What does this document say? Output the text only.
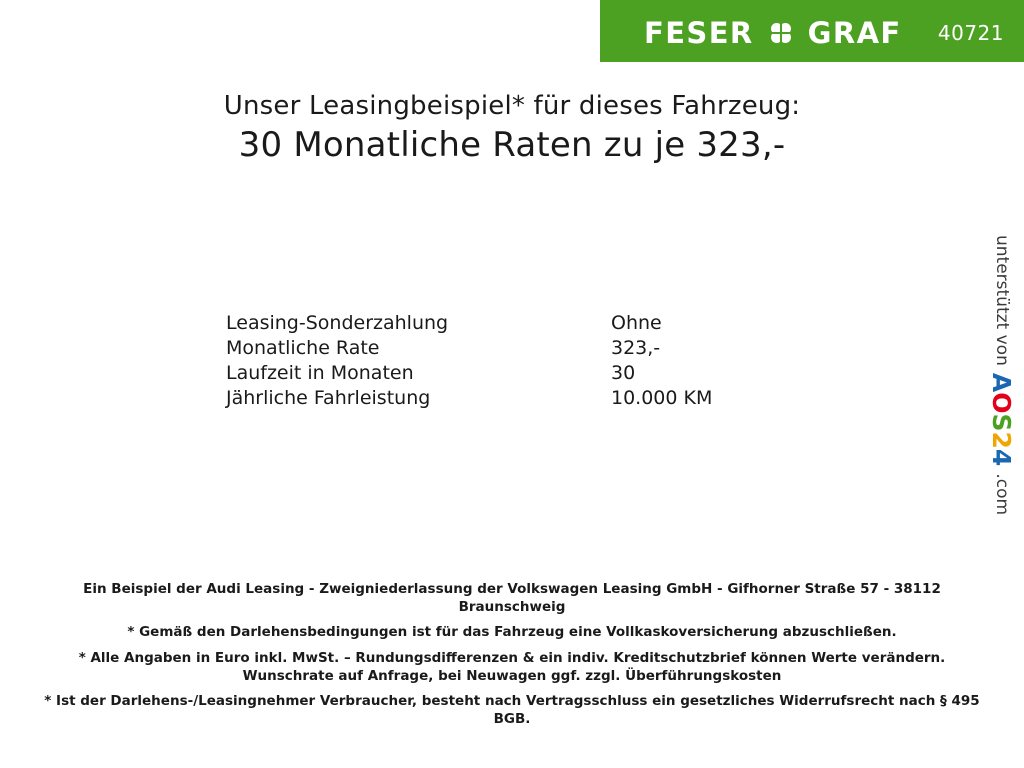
FESER GRAF 40721
Unser Leasingbeispiel* für dieses Fahrzeug:
30 Monatliche Raten zu je 323,-
Leasing-Sonderzahlung	Ohne
Monatliche Rate	323,-
Laufzeit in Monaten	30
Jährliche Fahrleistung	10.000 KM
unterstützt von
AOS24
.com

Ein Beispiel der Audi Leasing - Zweigniederlassung der Volkswagen Leasing GmbH - Gifhorner Straße 57 - 38112 Braunschweig

* Gemäß den Darlehensbedingungen ist für das Fahrzeug eine Vollkaskoversicherung abzuschließen.

* Alle Angaben in Euro inkl. MwSt. – Rundungsdifferenzen & ein indiv. Kreditschutzbrief können Werte verändern. Wunschrate auf Anfrage, bei Neuwagen ggf. zzgl. Überführungskosten

* Ist der Darlehens-/Leasingnehmer Verbraucher, besteht nach Vertragsschluss ein gesetzliches Widerrufsrecht nach § 495 BGB.
